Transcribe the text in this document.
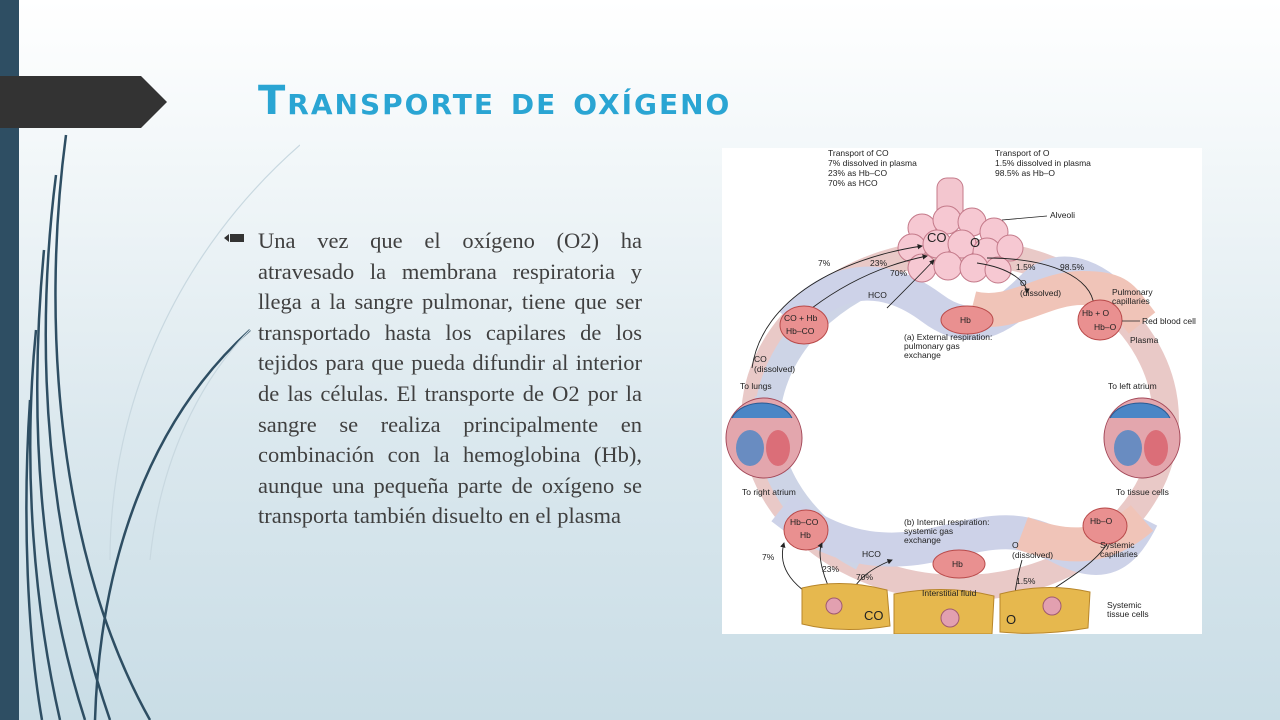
Transporte de oxígeno

Una vez que el oxígeno (O2) ha atravesado la membrana respiratoria y llega a la sangre pulmonar, tiene que ser transportado hasta los capilares de los tejidos para que pueda difundir al interior de las células. El transporte de O2 por la sangre se realiza principalmente en combinación con la hemoglobina (Hb), aunque una pequeña parte de oxígeno se transporta también disuelto en el plasma

Transport of CO
7% dissolved in plasma
23% as Hb–CO
70% as HCO
Transport of O
1.5% dissolved in plasma
98.5% as Hb–O
CO O
Alveoli
7%	23%
70%
1.5%	98.5%
HCO
O
(dissolved)
CO + Hb
Hb–CO
Hb
Hb + O
Hb–O
Pulmonary
capillaries
Red blood cell
Plasma
(a) External respiration:
pulmonary gas
exchange
CO
(dissolved)
To lungs	To left atrium
To right atrium	To tissue cells
Hb–CO
Hb
Hb
Hb–O
(b) Internal respiration:
systemic gas
exchange
HCO
O
(dissolved)
Systemic
capillaries
7%
23%
70%	1.5%
CO	O
Interstitial fluid
Systemic
tissue cells
